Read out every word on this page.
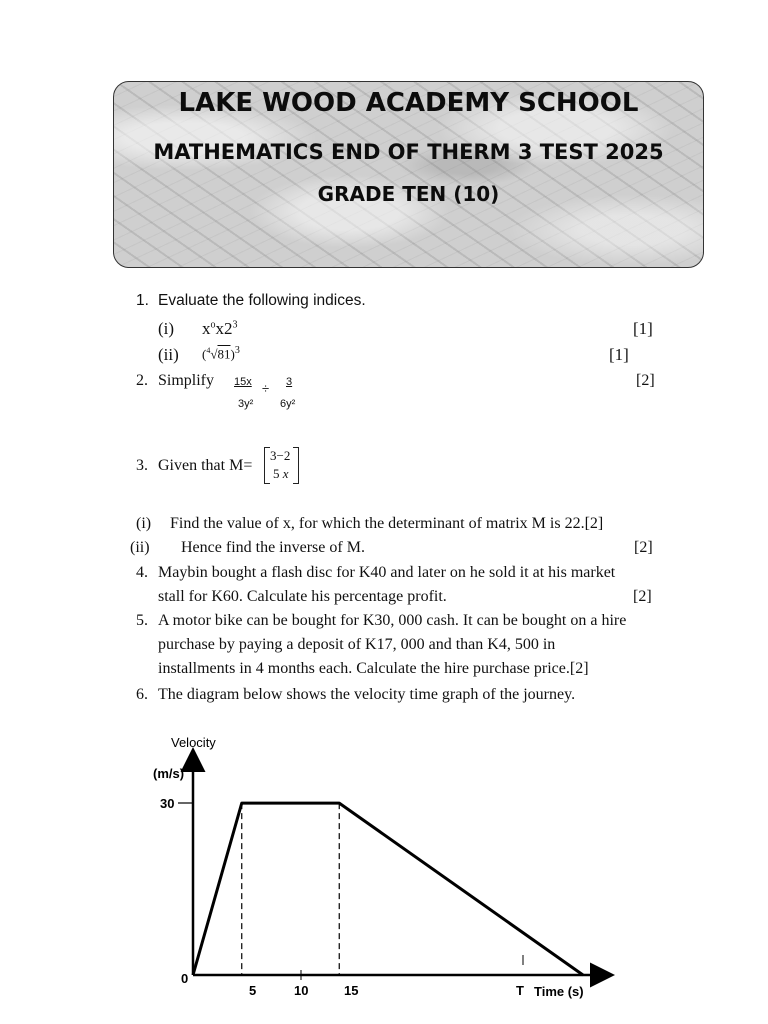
LAKE WOOD ACADEMY SCHOOL
MATHEMATICS END OF THERM 3 TEST 2025
GRADE TEN (10)
1. Evaluate the following indices.
(i) $x^ox2^3$	[1]
(ii) $(^4√81)^3$	[1]
2. Simplify 15x
3y²
÷ 3
6y²
[2]
3. Given that M=
3−2
5 x
(i) Find the value of x, for which the determinant of matrix M is 22.[2]
(ii) Hence find the inverse of M.	[2]
4. Maybin bought a flash disc for K40 and later on he sold it at his market
stall for K60. Calculate his percentage profit.	[2]
5. A motor bike can be bought for K30, 000 cash. It can be bought on a hire
purchase by paying a deposit of K17, 000 and than K4, 500 in
installments in 4 months each. Calculate the hire purchase price.[2]
6. The diagram below shows the velocity time graph of the journey.
Velocity
(m/s)
30
0
5	10	15	T Time (s)
